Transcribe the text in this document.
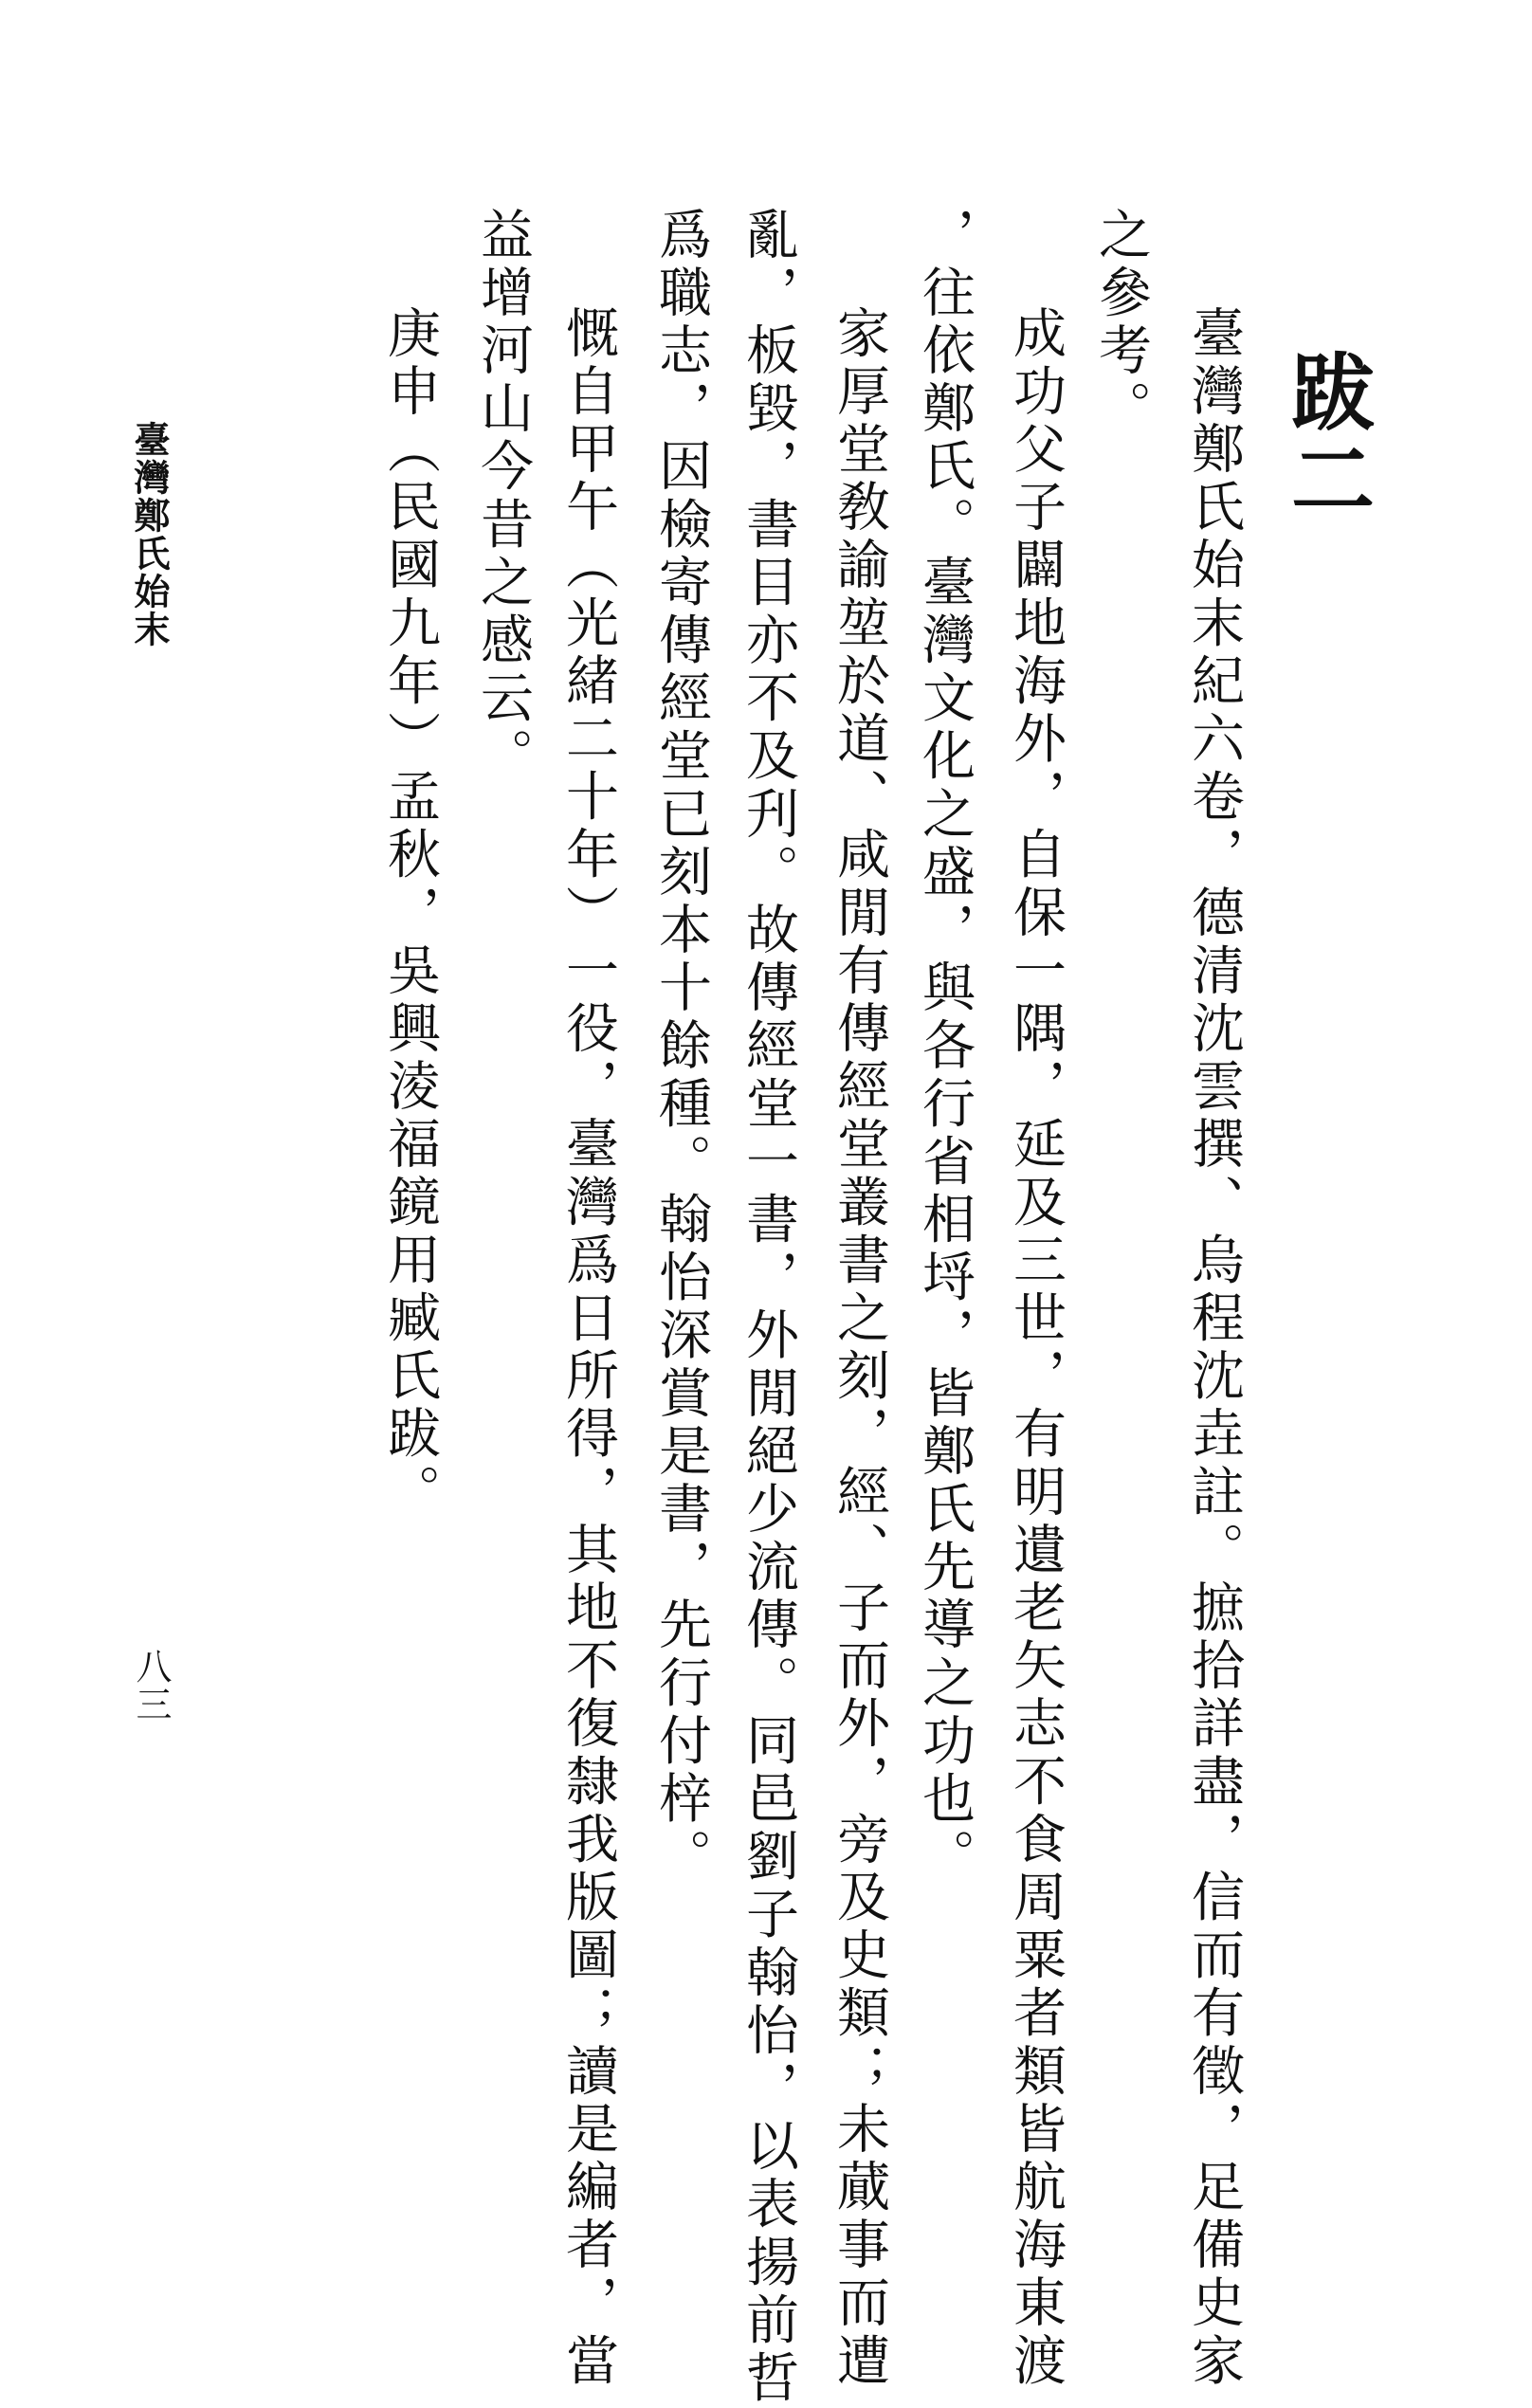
跋二
臺灣鄭氏始末紀六卷，德清沈雲撰、烏程沈垚註。摭拾詳盡，信而有徵，足備史家
之參考。
成功父子闢地海外，自保一隅，延及三世，有明遺老矢志不食周粟者類皆航海東渡
，往依鄭氏。臺灣文化之盛，與各行省相埒，皆鄭氏先導之功也。
家厚堂敎諭堃於道、咸閒有傳經堂叢書之刻，經、子而外，旁及史類；未蕆事而遭
亂，板毀，書目亦不及刋。故傳經堂一書，外閒絕少流傳。同邑劉子翰怡，以表揚前哲
爲職志，因檢寄傳經堂已刻本十餘種。翰怡深賞是書，先行付梓。
慨自甲午（光緒二十年）一役，臺灣爲日所得，其地不復隸我版圖；讀是編者，當
益增河山今昔之感云。
庚申（民國九年）孟秋，吳興淩福鏡用臧氏跋。
臺灣鄭氏始末
八三
